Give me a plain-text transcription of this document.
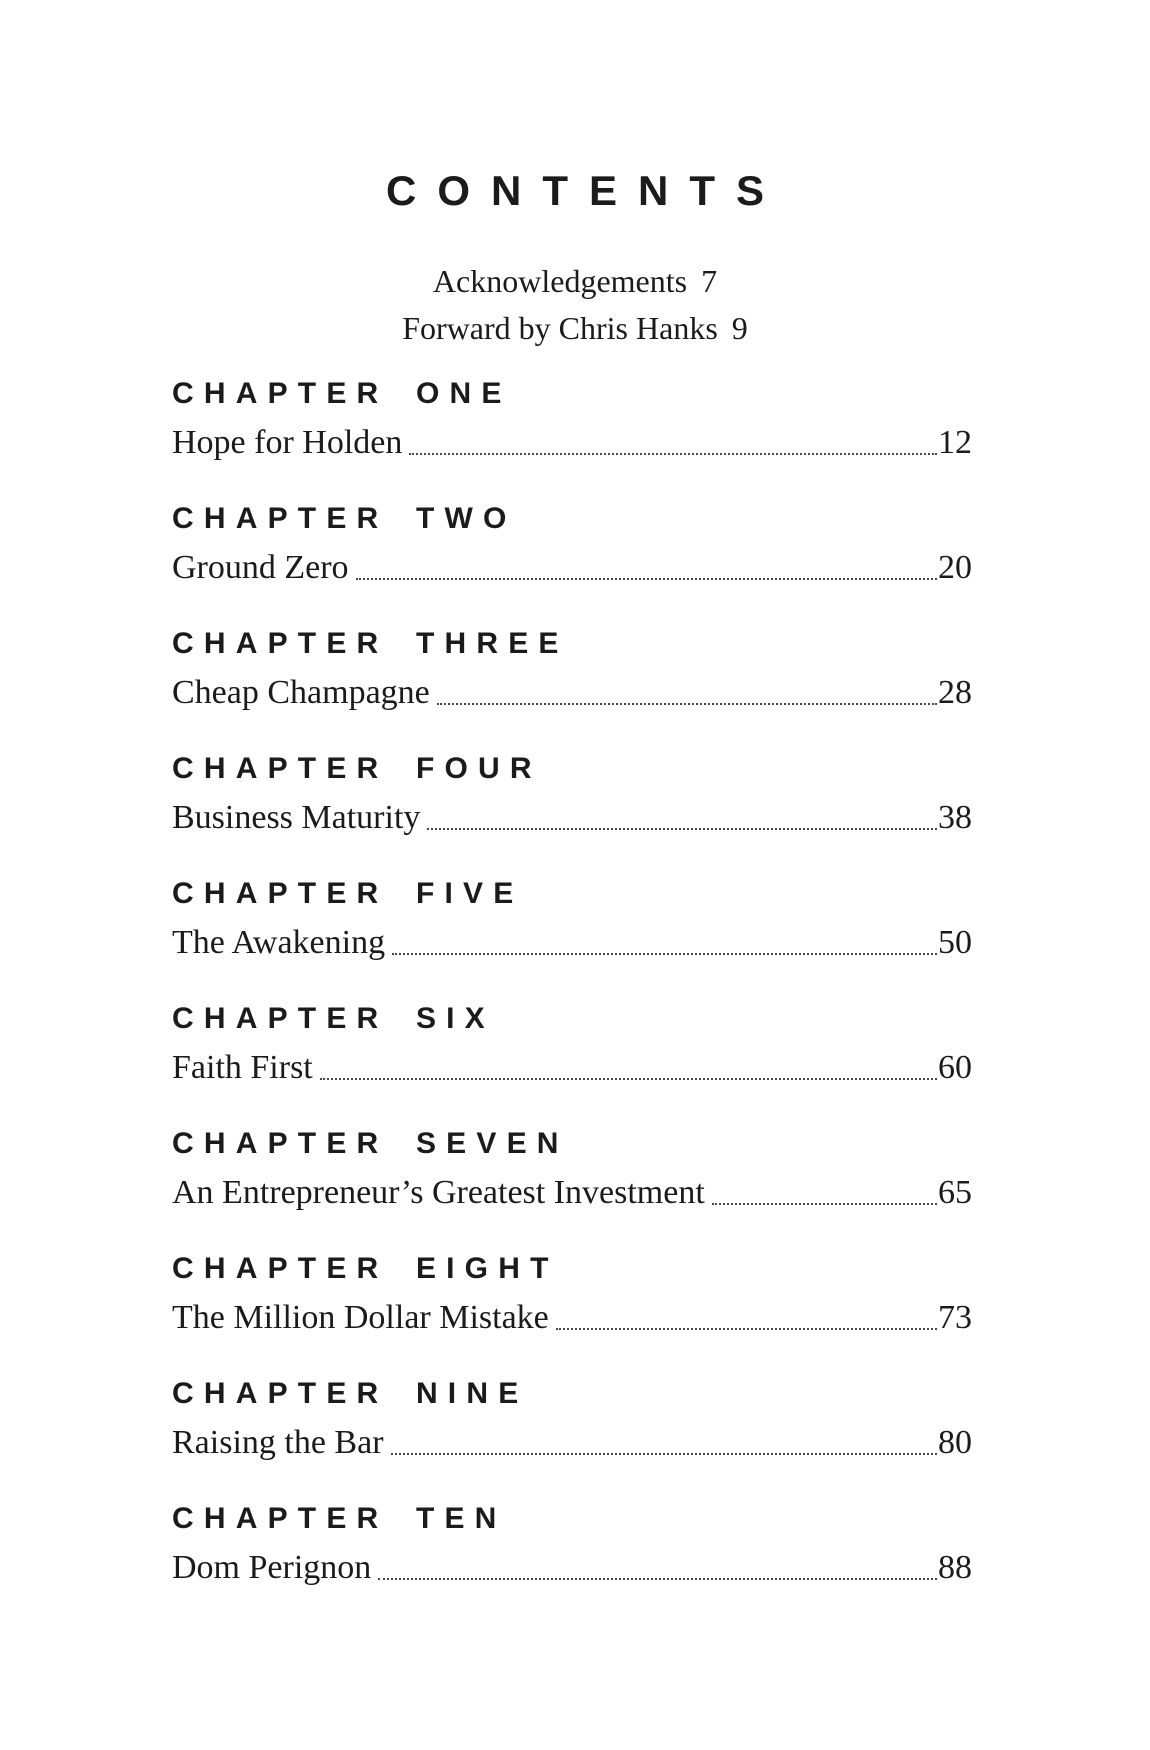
CONTENTS
Acknowledgements 7
Forward by Chris Hanks 9
CHAPTER ONE
Hope for Holden	12
CHAPTER TWO
Ground Zero	20
CHAPTER THREE
Cheap Champagne	28
CHAPTER FOUR
Business Maturity	38
CHAPTER FIVE
The Awakening	50
CHAPTER SIX
Faith First	60
CHAPTER SEVEN
An Entrepreneur’s Greatest Investment	65
CHAPTER EIGHT
The Million Dollar Mistake	73
CHAPTER NINE
Raising the Bar	80
CHAPTER TEN
Dom Perignon	88
